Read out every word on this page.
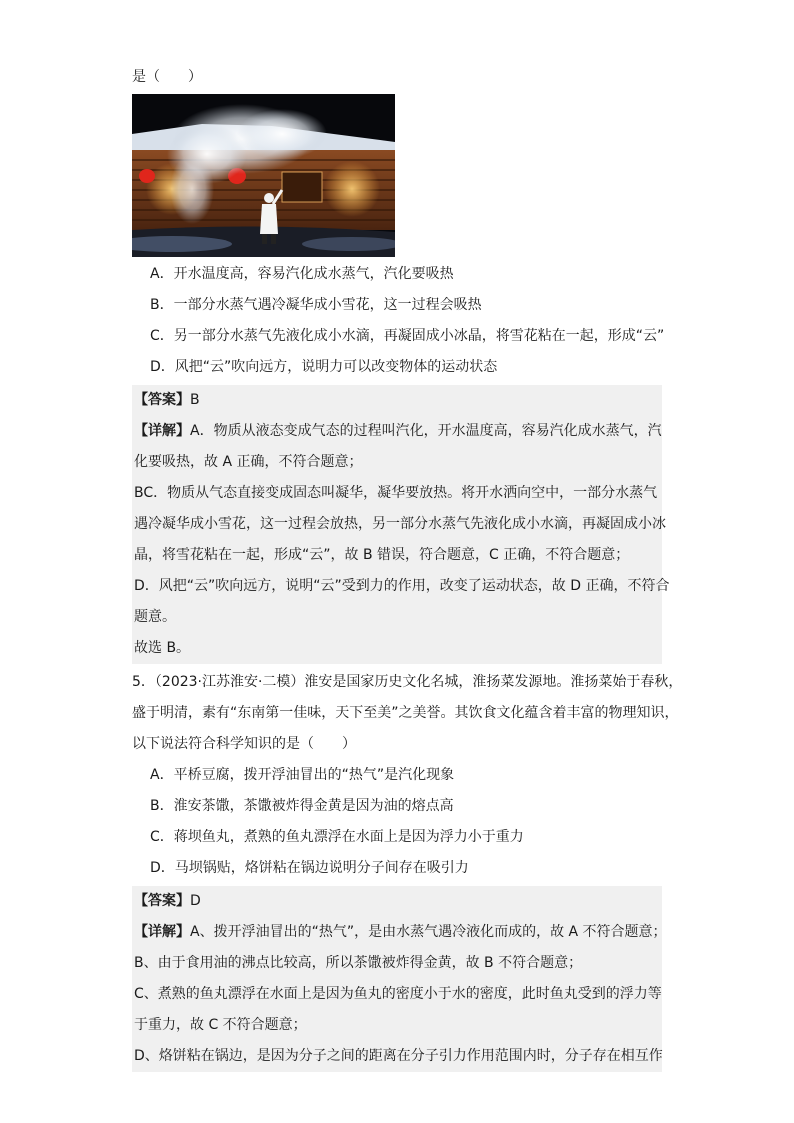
是（　　）
A．开水温度高，容易汽化成水蒸气，汽化要吸热
B．一部分水蒸气遇冷凝华成小雪花，这一过程会吸热
C．另一部分水蒸气先液化成小水滴，再凝固成小冰晶，将雪花粘在一起，形成“云”
D．风把“云”吹向远方，说明力可以改变物体的运动状态
【答案】B
【详解】A．物质从液态变成气态的过程叫汽化，开水温度高，容易汽化成水蒸气，汽
化要吸热，故 A 正确，不符合题意；
BC．物质从气态直接变成固态叫凝华，凝华要放热。将开水洒向空中，一部分水蒸气
遇冷凝华成小雪花，这一过程会放热，另一部分水蒸气先液化成小水滴，再凝固成小冰
晶，将雪花粘在一起，形成“云”，故 B 错误，符合题意，C 正确，不符合题意；
D．风把“云”吹向远方，说明“云”受到力的作用，改变了运动状态，故 D 正确，不符合
题意。
故选 B。
5．（2023·江苏淮安·二模）淮安是国家历史文化名城，淮扬菜发源地。淮扬菜始于春秋，
盛于明清，素有“东南第一佳味，天下至美”之美誉。其饮食文化蕴含着丰富的物理知识，
以下说法符合科学知识的是（　　）
A．平桥豆腐，拨开浮油冒出的“热气”是汽化现象
B．淮安茶馓，茶馓被炸得金黄是因为油的熔点高
C．蒋坝鱼丸，煮熟的鱼丸漂浮在水面上是因为浮力小于重力
D．马坝锅贴，烙饼粘在锅边说明分子间存在吸引力
【答案】D
【详解】A、拨开浮油冒出的“热气”，是由水蒸气遇冷液化而成的，故 A 不符合题意；
B、由于食用油的沸点比较高，所以茶馓被炸得金黄，故 B 不符合题意；
C、煮熟的鱼丸漂浮在水面上是因为鱼丸的密度小于水的密度，此时鱼丸受到的浮力等
于重力，故 C 不符合题意；
D、烙饼粘在锅边，是因为分子之间的距离在分子引力作用范围内时，分子存在相互作
